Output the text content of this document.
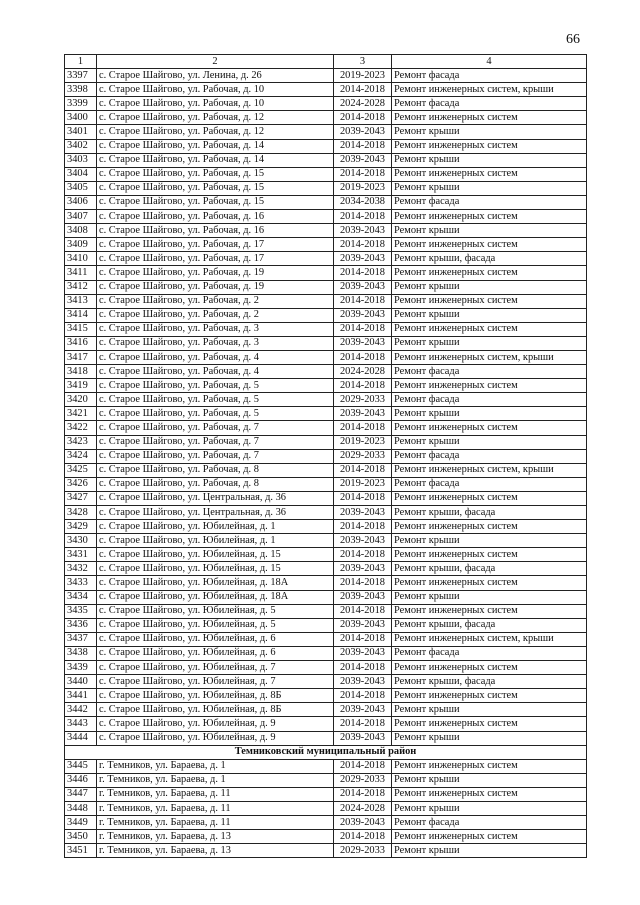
66
1	2	3	4
3397	с. Старое Шайгово, ул. Ленина, д. 26	2019-2023	Ремонт фасада
3398	с. Старое Шайгово, ул. Рабочая, д. 10	2014-2018	Ремонт инженерных систем, крыши
3399	с. Старое Шайгово, ул. Рабочая, д. 10	2024-2028	Ремонт фасада
3400	с. Старое Шайгово, ул. Рабочая, д. 12	2014-2018	Ремонт инженерных систем
3401	с. Старое Шайгово, ул. Рабочая, д. 12	2039-2043	Ремонт крыши
3402	с. Старое Шайгово, ул. Рабочая, д. 14	2014-2018	Ремонт инженерных систем
3403	с. Старое Шайгово, ул. Рабочая, д. 14	2039-2043	Ремонт крыши
3404	с. Старое Шайгово, ул. Рабочая, д. 15	2014-2018	Ремонт инженерных систем
3405	с. Старое Шайгово, ул. Рабочая, д. 15	2019-2023	Ремонт крыши
3406	с. Старое Шайгово, ул. Рабочая, д. 15	2034-2038	Ремонт фасада
3407	с. Старое Шайгово, ул. Рабочая, д. 16	2014-2018	Ремонт инженерных систем
3408	с. Старое Шайгово, ул. Рабочая, д. 16	2039-2043	Ремонт крыши
3409	с. Старое Шайгово, ул. Рабочая, д. 17	2014-2018	Ремонт инженерных систем
3410	с. Старое Шайгово, ул. Рабочая, д. 17	2039-2043	Ремонт крыши, фасада
3411	с. Старое Шайгово, ул. Рабочая, д. 19	2014-2018	Ремонт инженерных систем
3412	с. Старое Шайгово, ул. Рабочая, д. 19	2039-2043	Ремонт крыши
3413	с. Старое Шайгово, ул. Рабочая, д. 2	2014-2018	Ремонт инженерных систем
3414	с. Старое Шайгово, ул. Рабочая, д. 2	2039-2043	Ремонт крыши
3415	с. Старое Шайгово, ул. Рабочая, д. 3	2014-2018	Ремонт инженерных систем
3416	с. Старое Шайгово, ул. Рабочая, д. 3	2039-2043	Ремонт крыши
3417	с. Старое Шайгово, ул. Рабочая, д. 4	2014-2018	Ремонт инженерных систем, крыши
3418	с. Старое Шайгово, ул. Рабочая, д. 4	2024-2028	Ремонт фасада
3419	с. Старое Шайгово, ул. Рабочая, д. 5	2014-2018	Ремонт инженерных систем
3420	с. Старое Шайгово, ул. Рабочая, д. 5	2029-2033	Ремонт фасада
3421	с. Старое Шайгово, ул. Рабочая, д. 5	2039-2043	Ремонт крыши
3422	с. Старое Шайгово, ул. Рабочая, д. 7	2014-2018	Ремонт инженерных систем
3423	с. Старое Шайгово, ул. Рабочая, д. 7	2019-2023	Ремонт крыши
3424	с. Старое Шайгово, ул. Рабочая, д. 7	2029-2033	Ремонт фасада
3425	с. Старое Шайгово, ул. Рабочая, д. 8	2014-2018	Ремонт инженерных систем, крыши
3426	с. Старое Шайгово, ул. Рабочая, д. 8	2019-2023	Ремонт фасада
3427	с. Старое Шайгово, ул. Центральная, д. 36	2014-2018	Ремонт инженерных систем
3428	с. Старое Шайгово, ул. Центральная, д. 36	2039-2043	Ремонт крыши, фасада
3429	с. Старое Шайгово, ул. Юбилейная, д. 1	2014-2018	Ремонт инженерных систем
3430	с. Старое Шайгово, ул. Юбилейная, д. 1	2039-2043	Ремонт крыши
3431	с. Старое Шайгово, ул. Юбилейная, д. 15	2014-2018	Ремонт инженерных систем
3432	с. Старое Шайгово, ул. Юбилейная, д. 15	2039-2043	Ремонт крыши, фасада
3433	с. Старое Шайгово, ул. Юбилейная, д. 18А	2014-2018	Ремонт инженерных систем
3434	с. Старое Шайгово, ул. Юбилейная, д. 18А	2039-2043	Ремонт крыши
3435	с. Старое Шайгово, ул. Юбилейная, д. 5	2014-2018	Ремонт инженерных систем
3436	с. Старое Шайгово, ул. Юбилейная, д. 5	2039-2043	Ремонт крыши, фасада
3437	с. Старое Шайгово, ул. Юбилейная, д. 6	2014-2018	Ремонт инженерных систем, крыши
3438	с. Старое Шайгово, ул. Юбилейная, д. 6	2039-2043	Ремонт фасада
3439	с. Старое Шайгово, ул. Юбилейная, д. 7	2014-2018	Ремонт инженерных систем
3440	с. Старое Шайгово, ул. Юбилейная, д. 7	2039-2043	Ремонт крыши, фасада
3441	с. Старое Шайгово, ул. Юбилейная, д. 8Б	2014-2018	Ремонт инженерных систем
3442	с. Старое Шайгово, ул. Юбилейная, д. 8Б	2039-2043	Ремонт крыши
3443	с. Старое Шайгово, ул. Юбилейная, д. 9	2014-2018	Ремонт инженерных систем
3444	с. Старое Шайгово, ул. Юбилейная, д. 9	2039-2043	Ремонт крыши
Темниковский муниципальный район			
3445	г. Темников, ул. Бараева, д. 1	2014-2018	Ремонт инженерных систем
3446	г. Темников, ул. Бараева, д. 1	2029-2033	Ремонт крыши
3447	г. Темников, ул. Бараева, д. 11	2014-2018	Ремонт инженерных систем
3448	г. Темников, ул. Бараева, д. 11	2024-2028	Ремонт крыши
3449	г. Темников, ул. Бараева, д. 11	2039-2043	Ремонт фасада
3450	г. Темников, ул. Бараева, д. 13	2014-2018	Ремонт инженерных систем
3451	г. Темников, ул. Бараева, д. 13	2029-2033	Ремонт крыши
